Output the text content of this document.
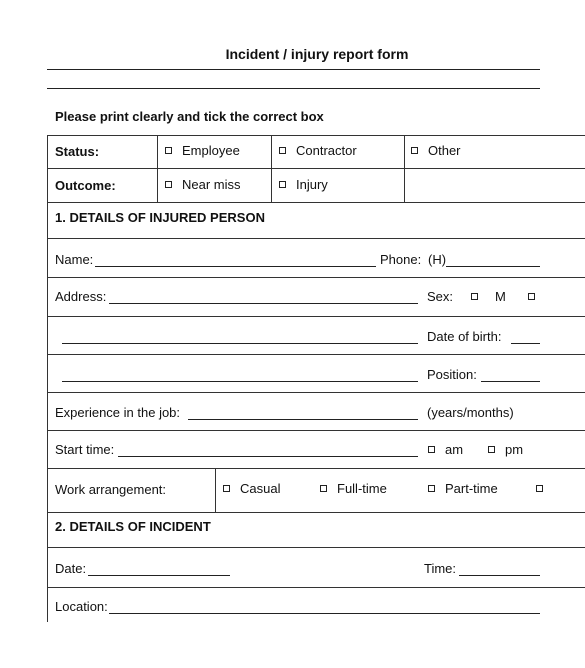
Incident / injury report form
Please print clearly and tick the correct box
Status:	Employee	Contractor	Other
Outcome:	Near miss	Injury
1. DETAILS OF INJURED PERSON
Name:	Phone: (H)
Address:	Sex:	M
Date of birth:
Position:
Experience in the job:	(years/months)
Start time:	am	pm
Work arrangement:	Casual	Full-time	Part-time
2. DETAILS OF INCIDENT
Date:	Time:
Location:
